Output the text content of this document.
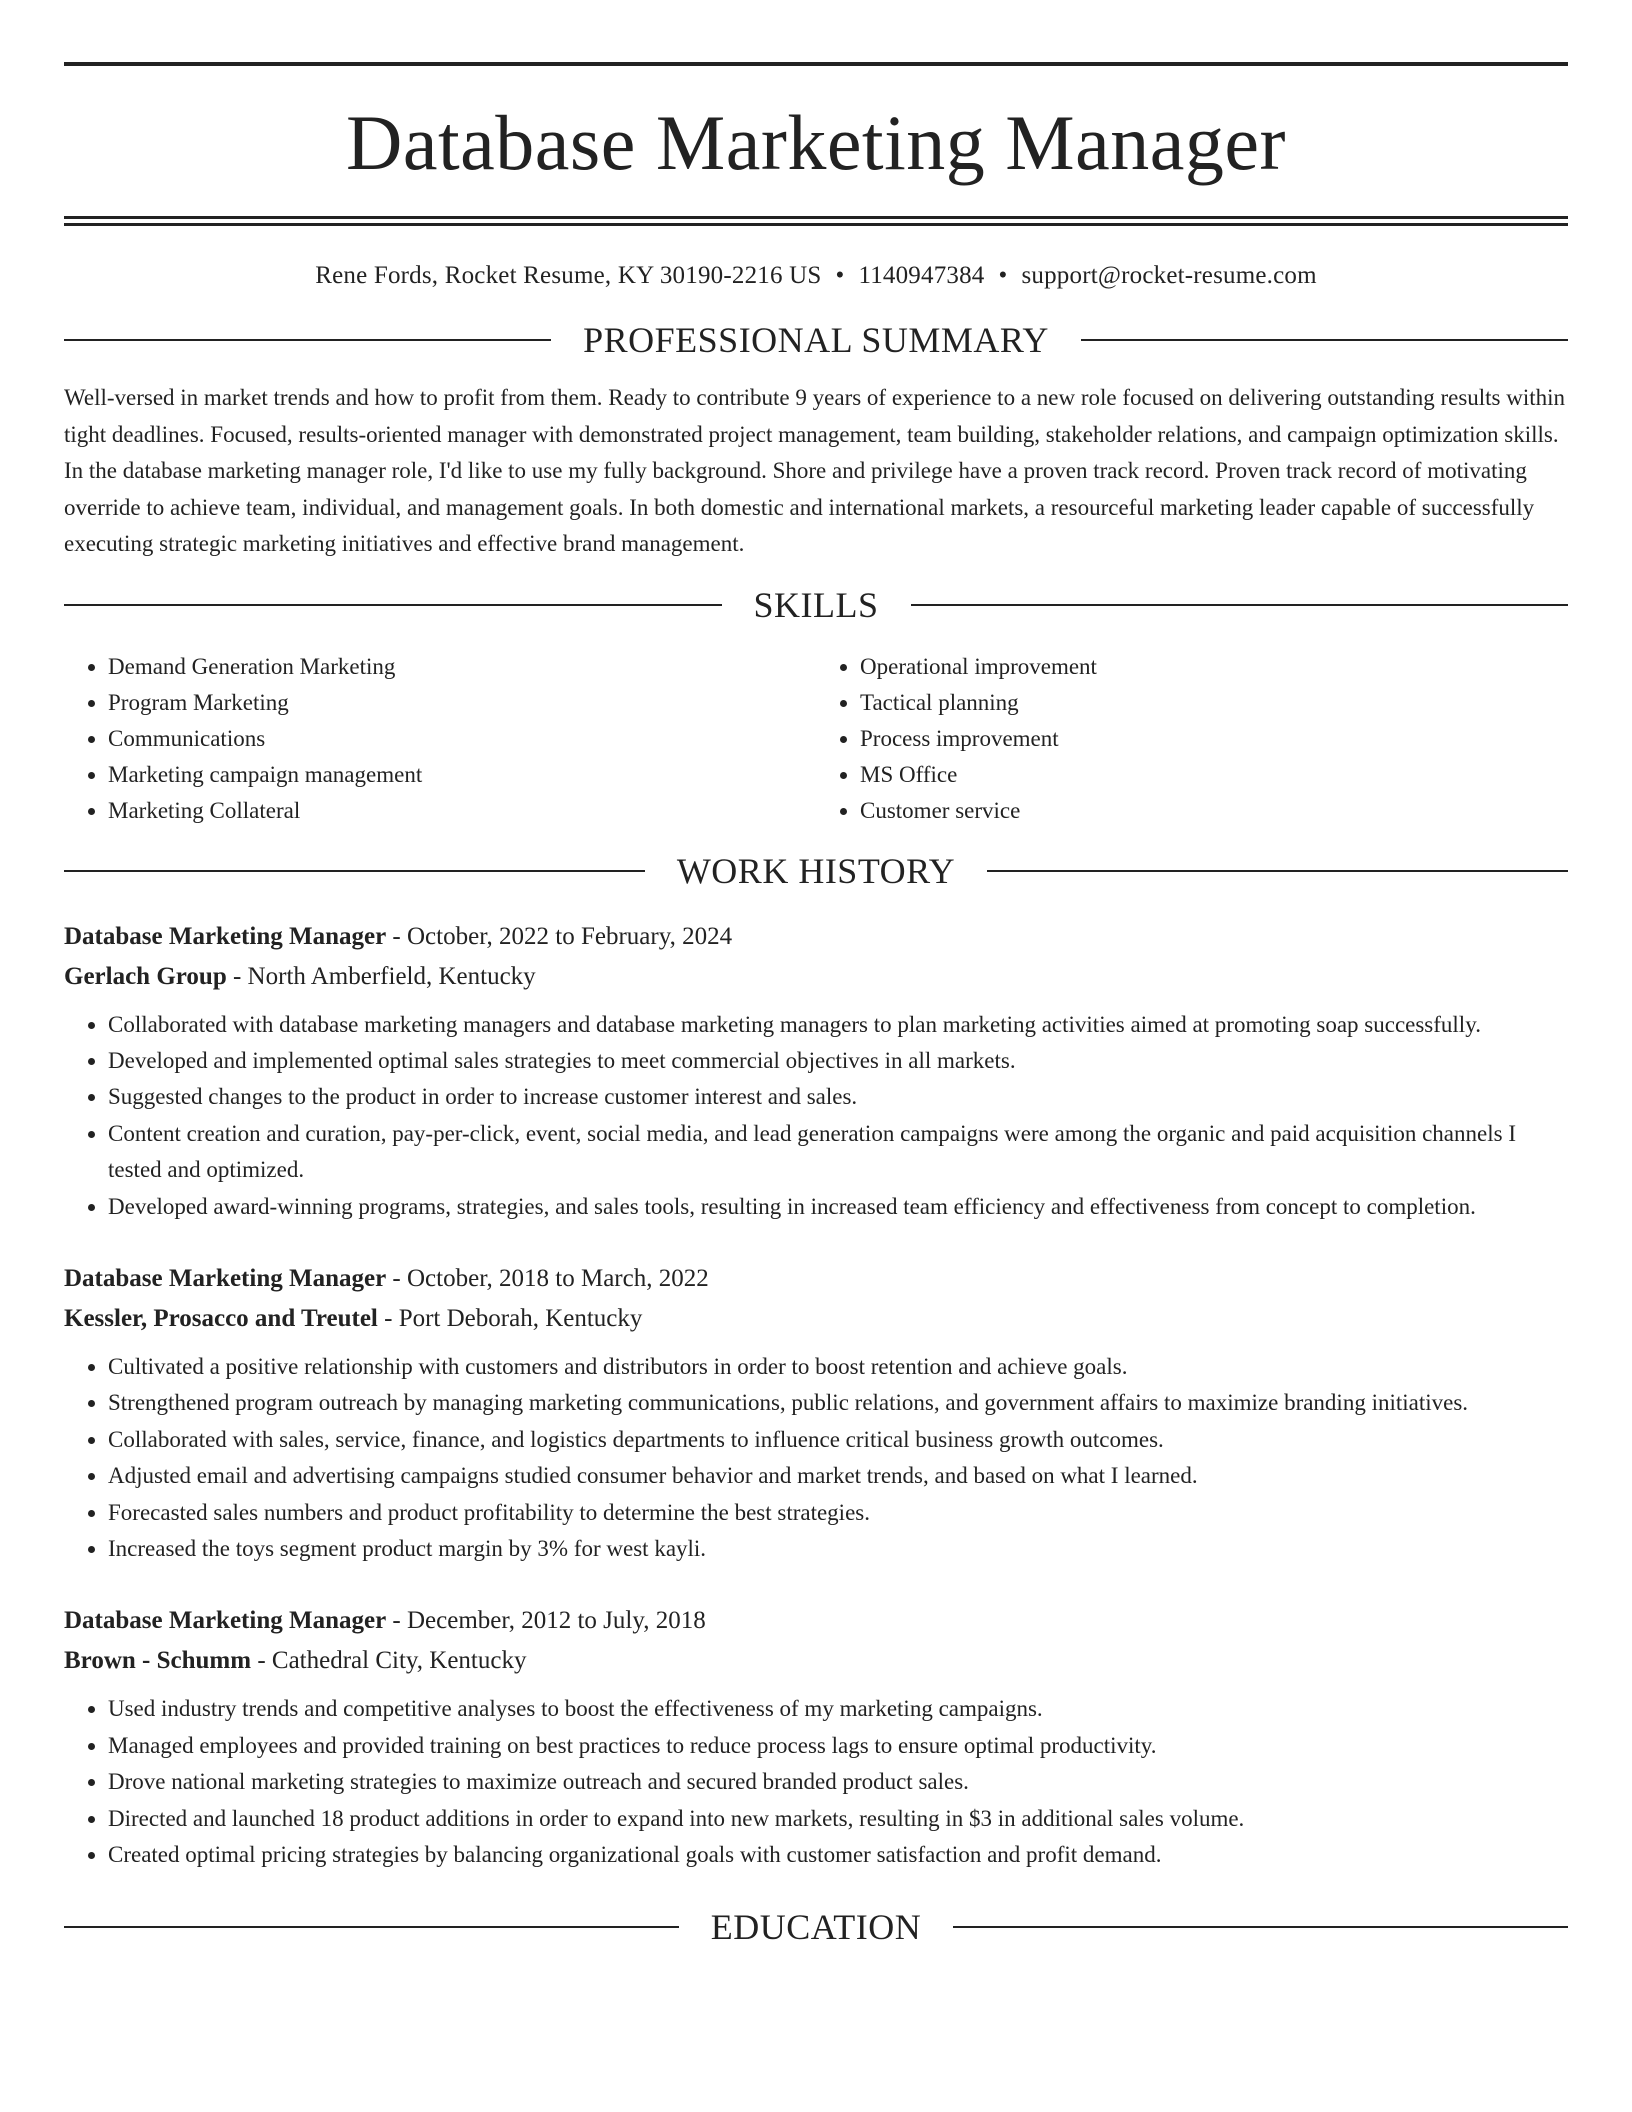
Database Marketing Manager
Rene Fords, Rocket Resume, KY 30190-2216 US • 1140947384 • support@rocket-resume.com
PROFESSIONAL SUMMARY

Well-versed in market trends and how to profit from them. Ready to contribute 9 years of experience to a new role focused on delivering outstanding results within tight deadlines. Focused, results-oriented manager with demonstrated project management, team building, stakeholder relations, and campaign optimization skills. In the database marketing manager role, I'd like to use my fully background. Shore and privilege have a proven track record. Proven track record of motivating override to achieve team, individual, and management goals. In both domestic and international markets, a resourceful marketing leader capable of successfully executing strategic marketing initiatives and effective brand management.

SKILLS
• Demand Generation Marketing
• Program Marketing
• Communications
• Marketing campaign management
• Marketing Collateral
• Operational improvement
• Tactical planning
• Process improvement
• MS Office
• Customer service
WORK HISTORY
Database Marketing Manager - October, 2022 to February, 2024
Gerlach Group - North Amberfield, Kentucky
• Collaborated with database marketing managers and database marketing managers to plan marketing activities aimed at promoting soap successfully.
• Developed and implemented optimal sales strategies to meet commercial objectives in all markets.
• Suggested changes to the product in order to increase customer interest and sales.
• Content creation and curation, pay-per-click, event, social media, and lead generation campaigns were among the organic and paid acquisition channels I tested and optimized.
• Developed award-winning programs, strategies, and sales tools, resulting in increased team efficiency and effectiveness from concept to completion.
Database Marketing Manager - October, 2018 to March, 2022
Kessler, Prosacco and Treutel - Port Deborah, Kentucky
• Cultivated a positive relationship with customers and distributors in order to boost retention and achieve goals.
• Strengthened program outreach by managing marketing communications, public relations, and government affairs to maximize branding initiatives.
• Collaborated with sales, service, finance, and logistics departments to influence critical business growth outcomes.
• Adjusted email and advertising campaigns studied consumer behavior and market trends, and based on what I learned.
• Forecasted sales numbers and product profitability to determine the best strategies.
• Increased the toys segment product margin by 3% for west kayli.
Database Marketing Manager - December, 2012 to July, 2018
Brown - Schumm - Cathedral City, Kentucky
• Used industry trends and competitive analyses to boost the effectiveness of my marketing campaigns.
• Managed employees and provided training on best practices to reduce process lags to ensure optimal productivity.
• Drove national marketing strategies to maximize outreach and secured branded product sales.
• Directed and launched 18 product additions in order to expand into new markets, resulting in $3 in additional sales volume.
• Created optimal pricing strategies by balancing organizational goals with customer satisfaction and profit demand.
EDUCATION
